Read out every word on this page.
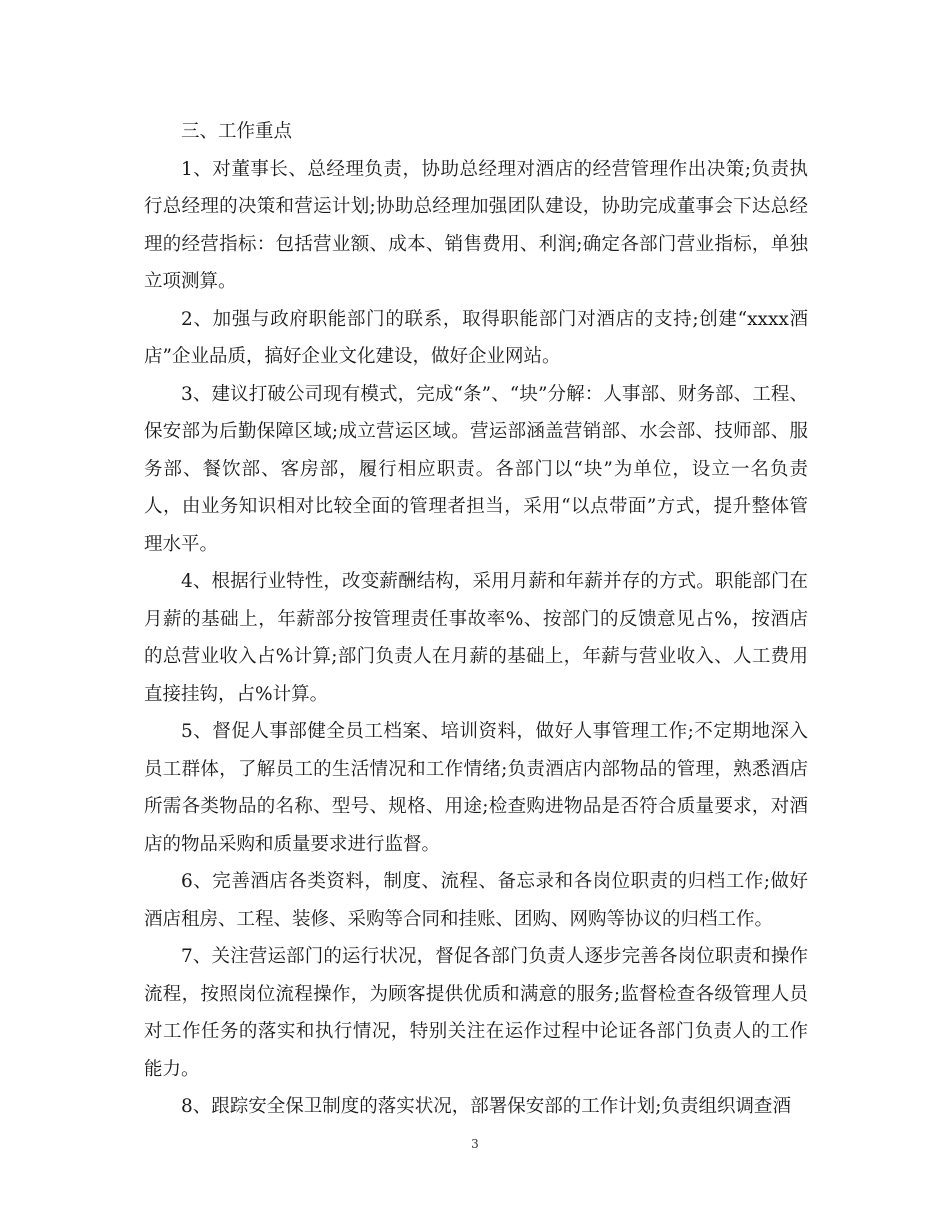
三、工作重点

1、对董事长、总经理负责，协助总经理对酒店的经营管理作出决策;负责执行总经理的决策和营运计划;协助总经理加强团队建设，协助完成董事会下达总经理的经营指标：包括营业额、成本、销售费用、利润;确定各部门营业指标，单独立项测算。

2、加强与政府职能部门的联系，取得职能部门对酒店的支持;创建“xxxx酒店”企业品质，搞好企业文化建设，做好企业网站。

3、建议打破公司现有模式，完成“条”、“块”分解：人事部、财务部、工程、保安部为后勤保障区域;成立营运区域。营运部涵盖营销部、水会部、技师部、服务部、餐饮部、客房部，履行相应职责。各部门以“块”为单位，设立一名负责人，由业务知识相对比较全面的管理者担当，采用“以点带面”方式，提升整体管理水平。

4、根据行业特性，改变薪酬结构，采用月薪和年薪并存的方式。职能部门在月薪的基础上，年薪部分按管理责任事故率%、按部门的反馈意见占%，按酒店的总营业收入占%计算;部门负责人在月薪的基础上，年薪与营业收入、人工费用直接挂钩，占%计算。

5、督促人事部健全员工档案、培训资料，做好人事管理工作;不定期地深入员工群体，了解员工的生活情况和工作情绪;负责酒店内部物品的管理，熟悉酒店所需各类物品的名称、型号、规格、用途;检查购进物品是否符合质量要求，对酒店的物品采购和质量要求进行监督。

6、完善酒店各类资料，制度、流程、备忘录和各岗位职责的归档工作;做好酒店租房、工程、装修、采购等合同和挂账、团购、网购等协议的归档工作。

7、关注营运部门的运行状况，督促各部门负责人逐步完善各岗位职责和操作流程，按照岗位流程操作，为顾客提供优质和满意的服务;监督检查各级管理人员对工作任务的落实和执行情况，特别关注在运作过程中论证各部门负责人的工作能力。

8、跟踪安全保卫制度的落实状况，部署保安部的工作计划;负责组织调查酒

3
